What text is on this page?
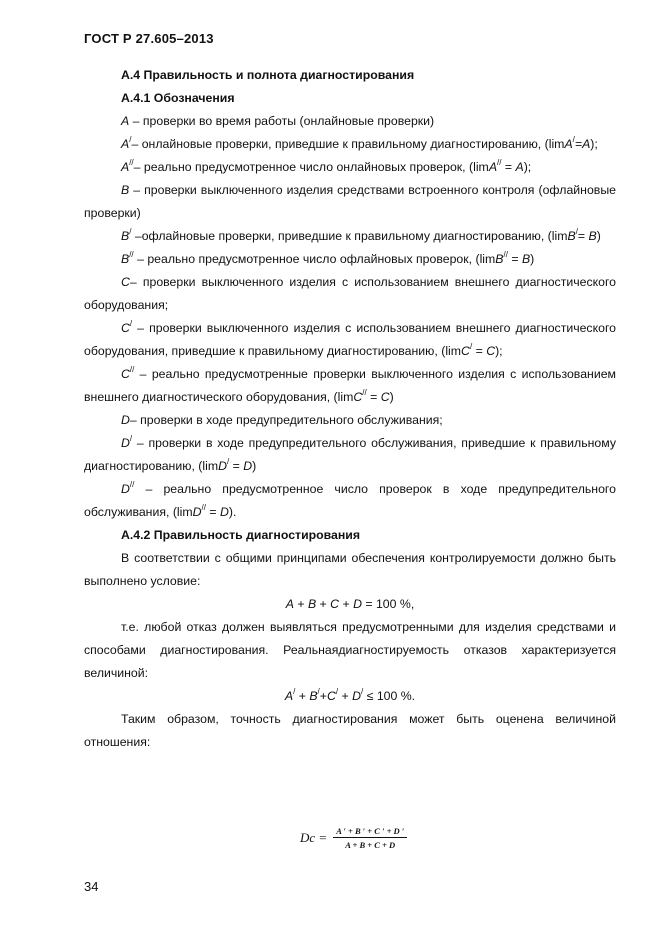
ГОСТ Р 27.605–2013

А.4 Правильность и полнота диагностирования

А.4.1 Обозначения

A – проверки во время работы (онлайновые проверки)

A/– онлайновые проверки, приведшие к правильному диагностированию, (limA/=A);

A//– реально предусмотренное число онлайновых проверок, (limA// = A);

B – проверки выключенного изделия средствами встроенного контроля (офлайновые проверки)

B/ –офлайновые проверки, приведшие к правильному диагностированию, (limB/= B)

B// – реально предусмотренное число офлайновых проверок, (limB// = B)

C– проверки выключенного изделия с использованием внешнего диагностического оборудования;

C/ – проверки выключенного изделия с использованием внешнего диагностического оборудования, приведшие к правильному диагностированию, (limC/ = C);

C// – реально предусмотренные проверки выключенного изделия с использованием внешнего диагностического оборудования, (limC// = C)

D– проверки в ходе предупредительного обслуживания;

D/ – проверки в ходе предупредительного обслуживания, приведшие к правильному диагностированию, (limD/ = D)

D// – реально предусмотренное число проверок в ходе предупредительного обслуживания, (limD// = D).

А.4.2 Правильность диагностирования

В соответствии с общими принципами обеспечения контролируемости должно быть выполнено условие:

A + B + C + D = 100 %,

т.е. любой отказ должен выявляться предусмотренными для изделия средствами и способами диагностирования. Реальнаядиагностируемость отказов характеризуется величиной:

A/ + B/+C/ + D/ ≤ 100 %.

Таким образом, точность диагностирования может быть оценена величиной отношения:

$Dc = \frac{A ' + B ' + C ' + D '}{A + B + C + D}$
34
